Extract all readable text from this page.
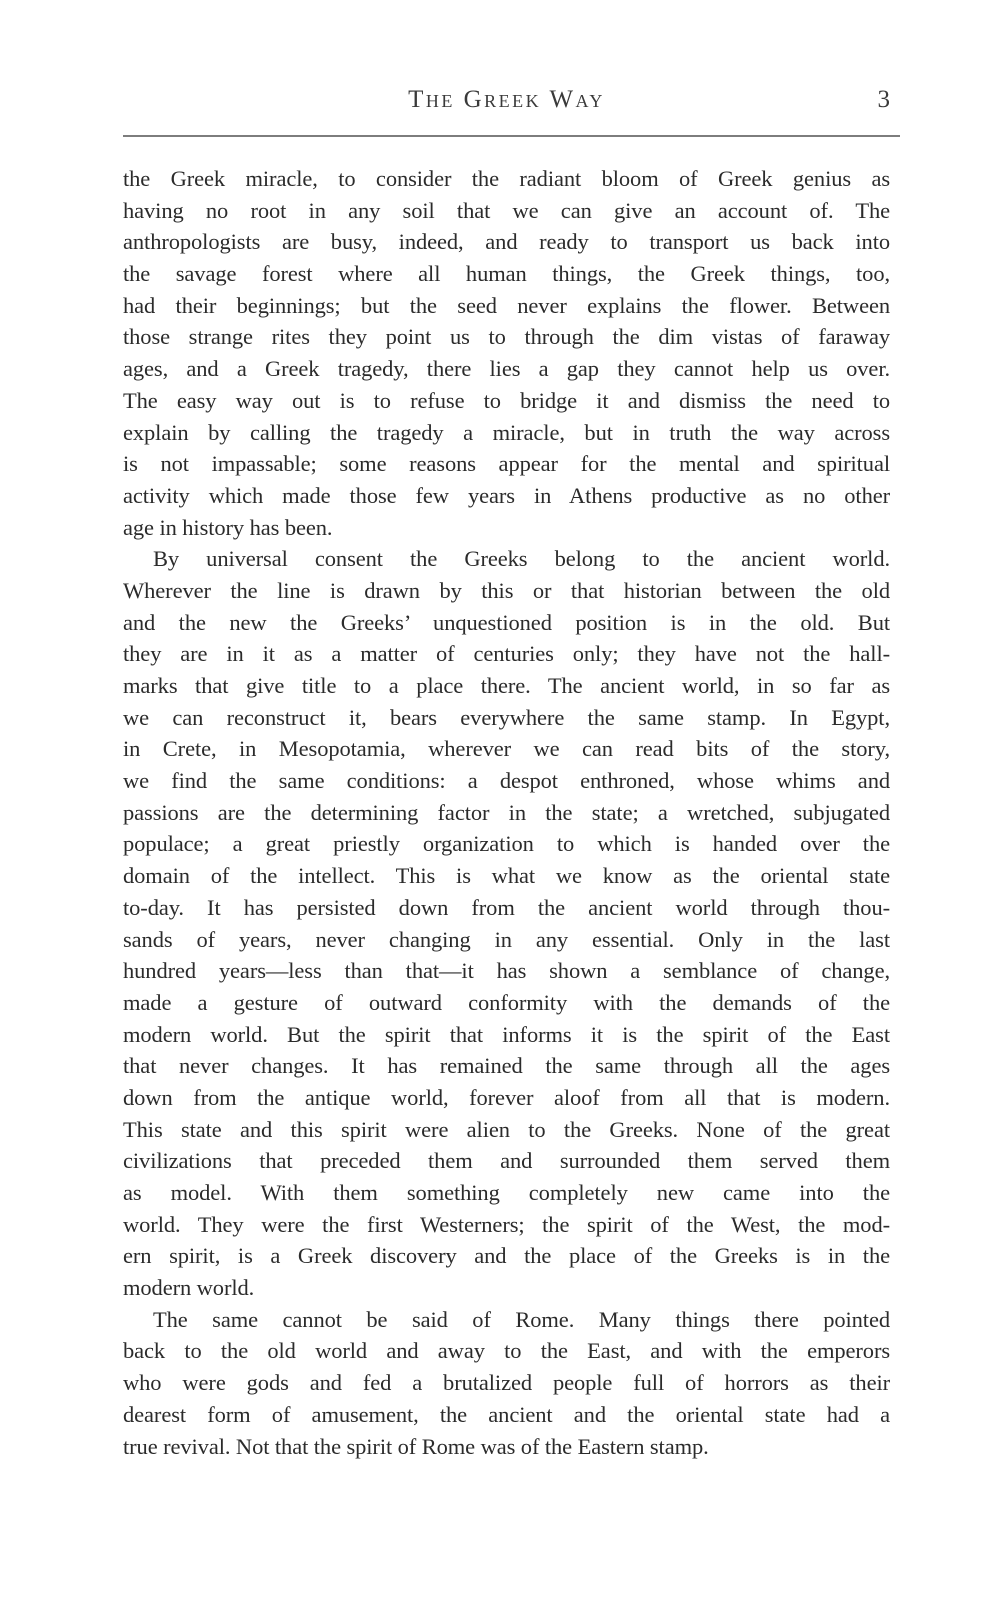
The Greek Way	3
the Greek miracle, to consider the radiant bloom of Greek genius as
having no root in any soil that we can give an account of. The
anthropologists are busy, indeed, and ready to transport us back into
the savage forest where all human things, the Greek things, too,
had their beginnings; but the seed never explains the flower. Between
those strange rites they point us to through the dim vistas of faraway
ages, and a Greek tragedy, there lies a gap they cannot help us over.
The easy way out is to refuse to bridge it and dismiss the need to
explain by calling the tragedy a miracle, but in truth the way across
is not impassable; some reasons appear for the mental and spiritual
activity which made those few years in Athens productive as no other
age in history has been.
By universal consent the Greeks belong to the ancient world.
Wherever the line is drawn by this or that historian between the old
and the new the Greeks’ unquestioned position is in the old. But
they are in it as a matter of centuries only; they have not the hall-
marks that give title to a place there. The ancient world, in so far as
we can reconstruct it, bears everywhere the same stamp. In Egypt,
in Crete, in Mesopotamia, wherever we can read bits of the story,
we find the same conditions: a despot enthroned, whose whims and
passions are the determining factor in the state; a wretched, subjugated
populace; a great priestly organization to which is handed over the
domain of the intellect. This is what we know as the oriental state
to-day. It has persisted down from the ancient world through thou-
sands of years, never changing in any essential. Only in the last
hundred years—less than that—it has shown a semblance of change,
made a gesture of outward conformity with the demands of the
modern world. But the spirit that informs it is the spirit of the East
that never changes. It has remained the same through all the ages
down from the antique world, forever aloof from all that is modern.
This state and this spirit were alien to the Greeks. None of the great
civilizations that preceded them and surrounded them served them
as model. With them something completely new came into the
world. They were the first Westerners; the spirit of the West, the mod-
ern spirit, is a Greek discovery and the place of the Greeks is in the
modern world.
The same cannot be said of Rome. Many things there pointed
back to the old world and away to the East, and with the emperors
who were gods and fed a brutalized people full of horrors as their
dearest form of amusement, the ancient and the oriental state had a
true revival. Not that the spirit of Rome was of the Eastern stamp.
